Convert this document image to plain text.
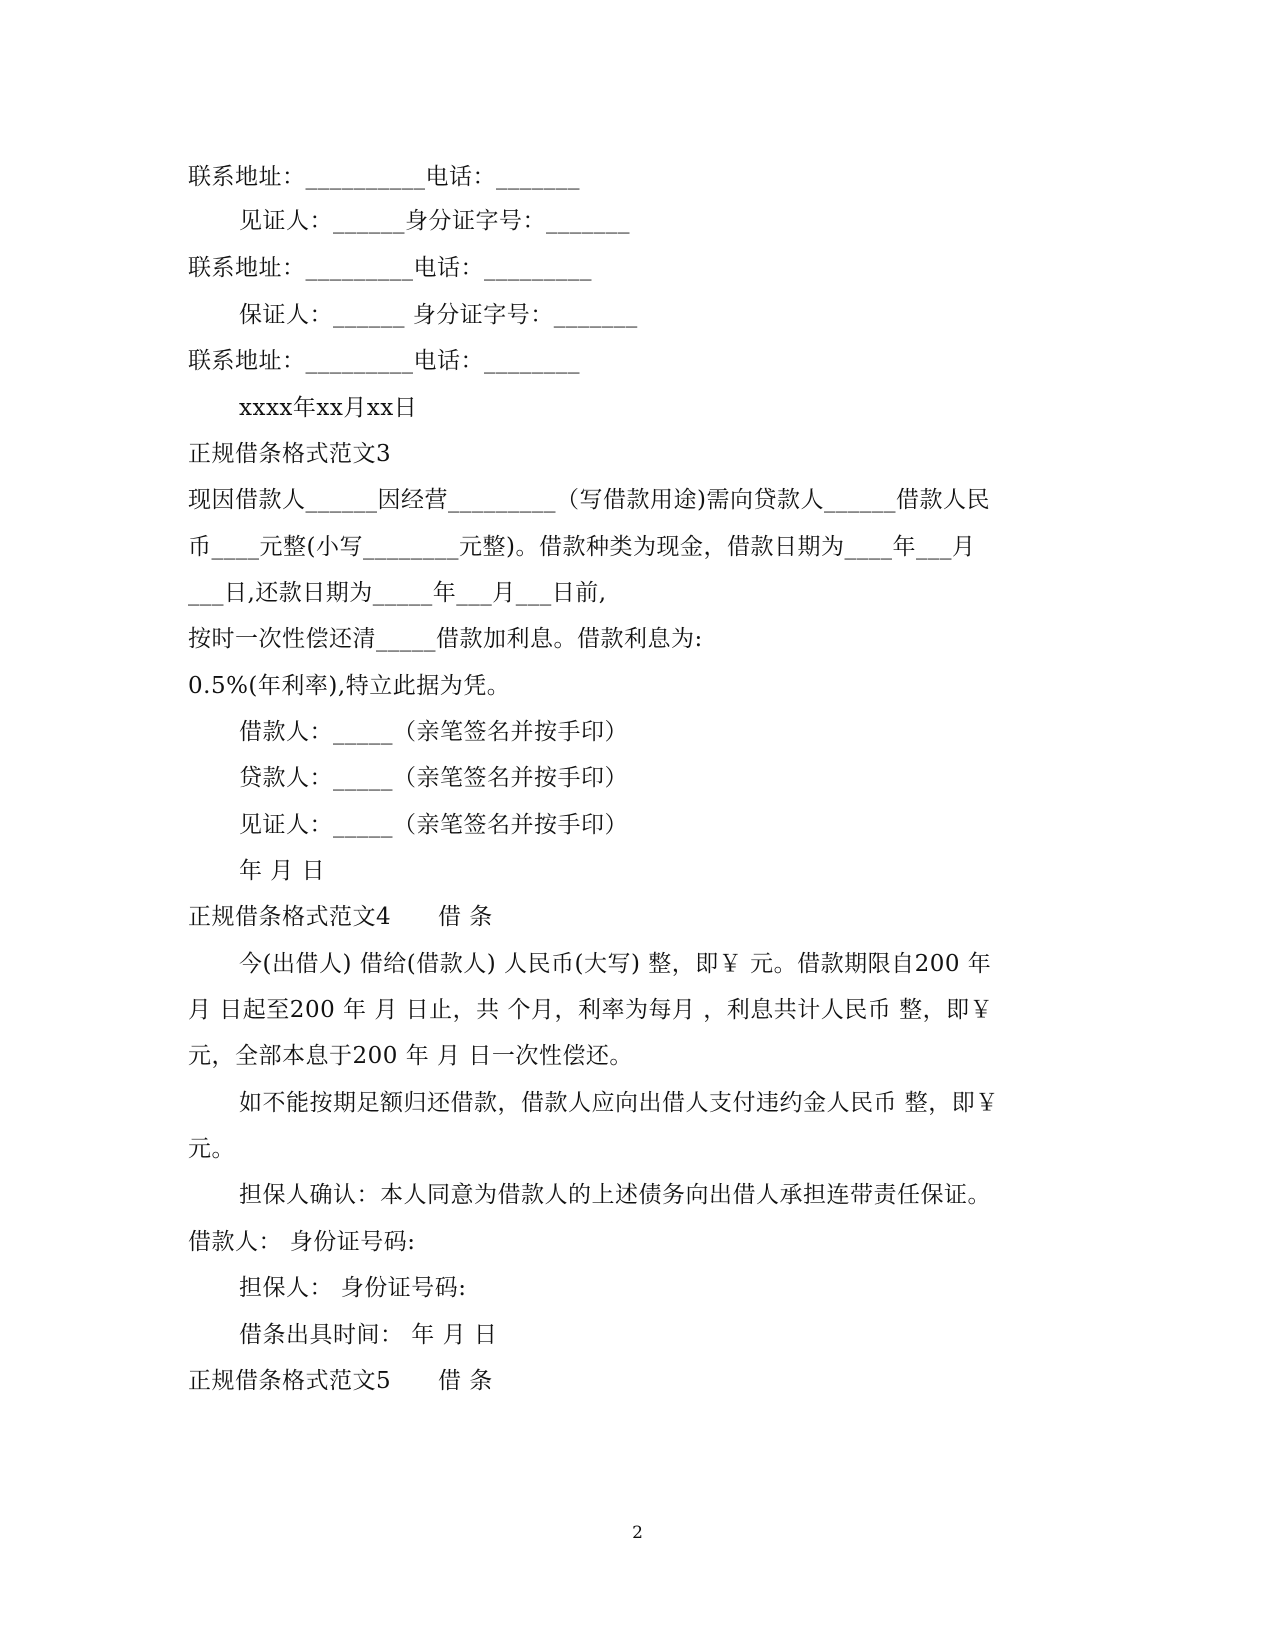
联系地址：__________电话：_______
见证人：______身分证字号：_______
联系地址：_________电话：_________
保证人：______ 身分证字号：_______
联系地址：_________电话：________
xxxx年xx月xx日
正规借条格式范文3
现因借款人______因经营_________（写借款用途)需向贷款人______借款人民
币____元整(小写________元整)。借款种类为现金，借款日期为____年___月
___日,还款日期为_____年___月___日前,
按时一次性偿还清_____借款加利息。借款利息为:
0.5%(年利率),特立此据为凭。
借款人：_____（亲笔签名并按手印）
贷款人：_____（亲笔签名并按手印）
见证人：_____（亲笔签名并按手印）
年 月 日
正规借条格式范文4      借 条
今(出借人) 借给(借款人) 人民币(大写) 整，即￥ 元。借款期限自200 年
月 日起至200 年 月 日止，共 个月，利率为每月 ，利息共计人民币 整，即￥
元，全部本息于200 年 月 日一次性偿还。
如不能按期足额归还借款，借款人应向出借人支付违约金人民币 整，即￥
元。
担保人确认：本人同意为借款人的上述债务向出借人承担连带责任保证。
借款人： 身份证号码:
担保人： 身份证号码:
借条出具时间： 年 月 日
正规借条格式范文5      借 条
2
